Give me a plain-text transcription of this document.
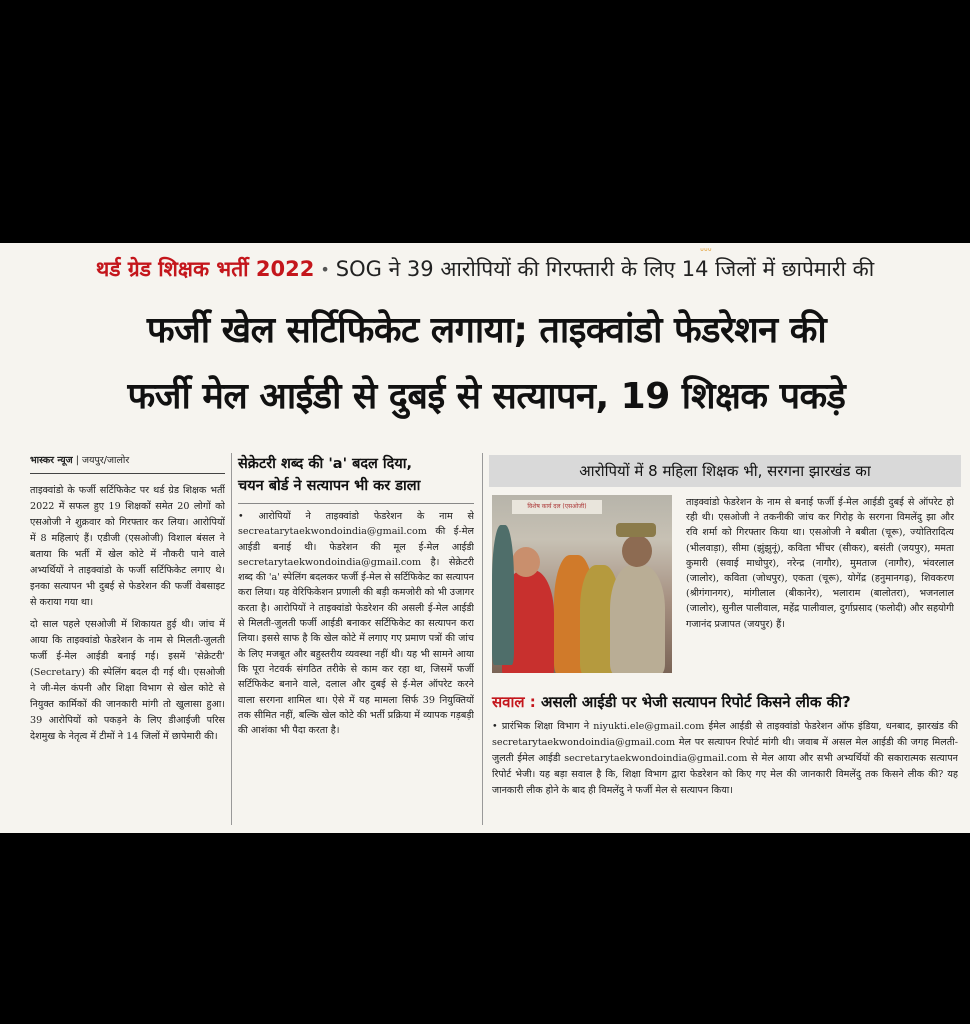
ᐡᐡᐡ
थर्ड ग्रेड शिक्षक भर्ती 2022 • SOG ने 39 आरोपियों की गिरफ्तारी के लिए 14 जिलों में छापेमारी की
फर्जी खेल सर्टिफिकेट लगाया; ताइक्वांडो फेडरेशन की
फर्जी मेल आईडी से दुबई से सत्यापन, 19 शिक्षक पकड़े
भास्कर न्यूज | जयपुर/जालोर

ताइक्वांडो के फर्जी सर्टिफिकेट पर थर्ड ग्रेड शिक्षक भर्ती 2022 में सफल हुए 19 शिक्षकों समेत 20 लोगों को एसओजी ने शुक्रवार को गिरफ्तार कर लिया। आरोपियों में 8 महिलाएं हैं। एडीजी (एसओजी) विशाल बंसल ने बताया कि भर्ती में खेल कोटे में नौकरी पाने वाले अभ्यर्थियों ने ताइक्वांडो के फर्जी सर्टिफिकेट लगाए थे। इनका सत्यापन भी दुबई से फेडरेशन की फर्जी वेबसाइट से कराया गया था।

दो साल पहले एसओजी में शिकायत हुई थी। जांच में आया कि ताइक्वांडो फेडरेशन के नाम से मिलती-जुलती फर्जी ई-मेल आईडी बनाई गई। इसमें 'सेक्रेटरी' (Secretary) की स्पेलिंग बदल दी गई थी। एसओजी ने जी-मेल कंपनी और शिक्षा विभाग से खेल कोटे से नियुक्त कार्मिकों की जानकारी मांगी तो खुलासा हुआ। 39 आरोपियों को पकड़ने के लिए डीआईजी परिस देशमुख के नेतृत्व में टीमों ने 14 जिलों में छापेमारी की।

सेक्रेटरी शब्द की 'a' बदल दिया,
चयन बोर्ड ने सत्यापन भी कर डाला

• आरोपियों ने ताइक्वांडो फेडरेशन के नाम से secreatarytaekwondoindia@gmail.com की ई-मेल आईडी बनाई थी। फेडरेशन की मूल ई-मेल आईडी secretarytaekwondoindia@gmail.com है। सेक्रेटरी शब्द की 'a' स्पेलिंग बदलकर फर्जी ई-मेल से सर्टिफिकेट का सत्यापन करा लिया। यह वेरिफिकेशन प्रणाली की बड़ी कमजोरी को भी उजागर करता है। आरोपियों ने ताइक्वांडो फेडरेशन की असली ई-मेल आईडी से मिलती-जुलती फर्जी आईडी बनाकर सर्टिफिकेट का सत्यापन करा लिया। इससे साफ है कि खेल कोटे में लगाए गए प्रमाण पत्रों की जांच के लिए मजबूत और बहुस्तरीय व्यवस्था नहीं थी। यह भी सामने आया कि पूरा नेटवर्क संगठित तरीके से काम कर रहा था, जिसमें फर्जी सर्टिफिकेट बनाने वाले, दलाल और दुबई से ई-मेल ऑपरेट करने वाला सरगना शामिल था। ऐसे में यह मामला सिर्फ 39 नियुक्तियों तक सीमित नहीं, बल्कि खेल कोटे की भर्ती प्रक्रिया में व्यापक गड़बड़ी की आशंका भी पैदा करता है।

आरोपियों में 8 महिला शिक्षक भी, सरगना झारखंड का
विशेष कार्य दल (एसओजी)	ताइक्वांडो फेडरेशन के नाम से बनाई फर्जी ई-मेल आईडी दुबई से ऑपरेट हो रही थी। एसओजी ने तकनीकी जांच कर गिरोह के सरगना विमलेंदु झा और रवि शर्मा को गिरफ्तार किया था। एसओजी ने बबीता (चूरू), ज्योतिरादित्य (भीलवाड़ा), सीमा (झुंझुनूं), कविता भींचर (सीकर), बसंती (जयपुर), ममता कुमारी (सवाई माधोपुर), नरेन्द्र (नागौर), मुमताज (नागौर), भंवरलाल (जालोर), कविता (जोधपुर), एकता (चूरू), योगेंद्र (हनुमानगढ़), शिवकरण (श्रीगंगानगर), मांगीलाल (बीकानेर), भलाराम (बालोतरा), भजनलाल (जालोर), सुनील पालीवाल, महेंद्र पालीवाल, दुर्गाप्रसाद (फलोदी) और सहयोगी गजानंद प्रजापत (जयपुर) हैं।

सवाल : असली आईडी पर भेजी सत्यापन रिपोर्ट किसने लीक की?

• प्रारंभिक शिक्षा विभाग ने niyukti.ele@gmail.com ईमेल आईडी से ताइक्वांडो फेडरेशन ऑफ इंडिया, धनबाद, झारखंड की secretarytaekwondoindia@gmail.com मेल पर सत्यापन रिपोर्ट मांगी थी। जवाब में असल मेल आईडी की जगह मिलती-जुलती ईमेल आईडी secretarytaekwondoindia@gmail.com से मेल आया और सभी अभ्यर्थियों की सकारात्मक सत्यापन रिपोर्ट भेजी। यह बड़ा सवाल है कि, शिक्षा विभाग द्वारा फेडरेशन को किए गए मेल की जानकारी विमलेंदु तक किसने लीक की? यह जानकारी लीक होने के बाद ही विमलेंदु ने फर्जी मेल से सत्यापन किया।
